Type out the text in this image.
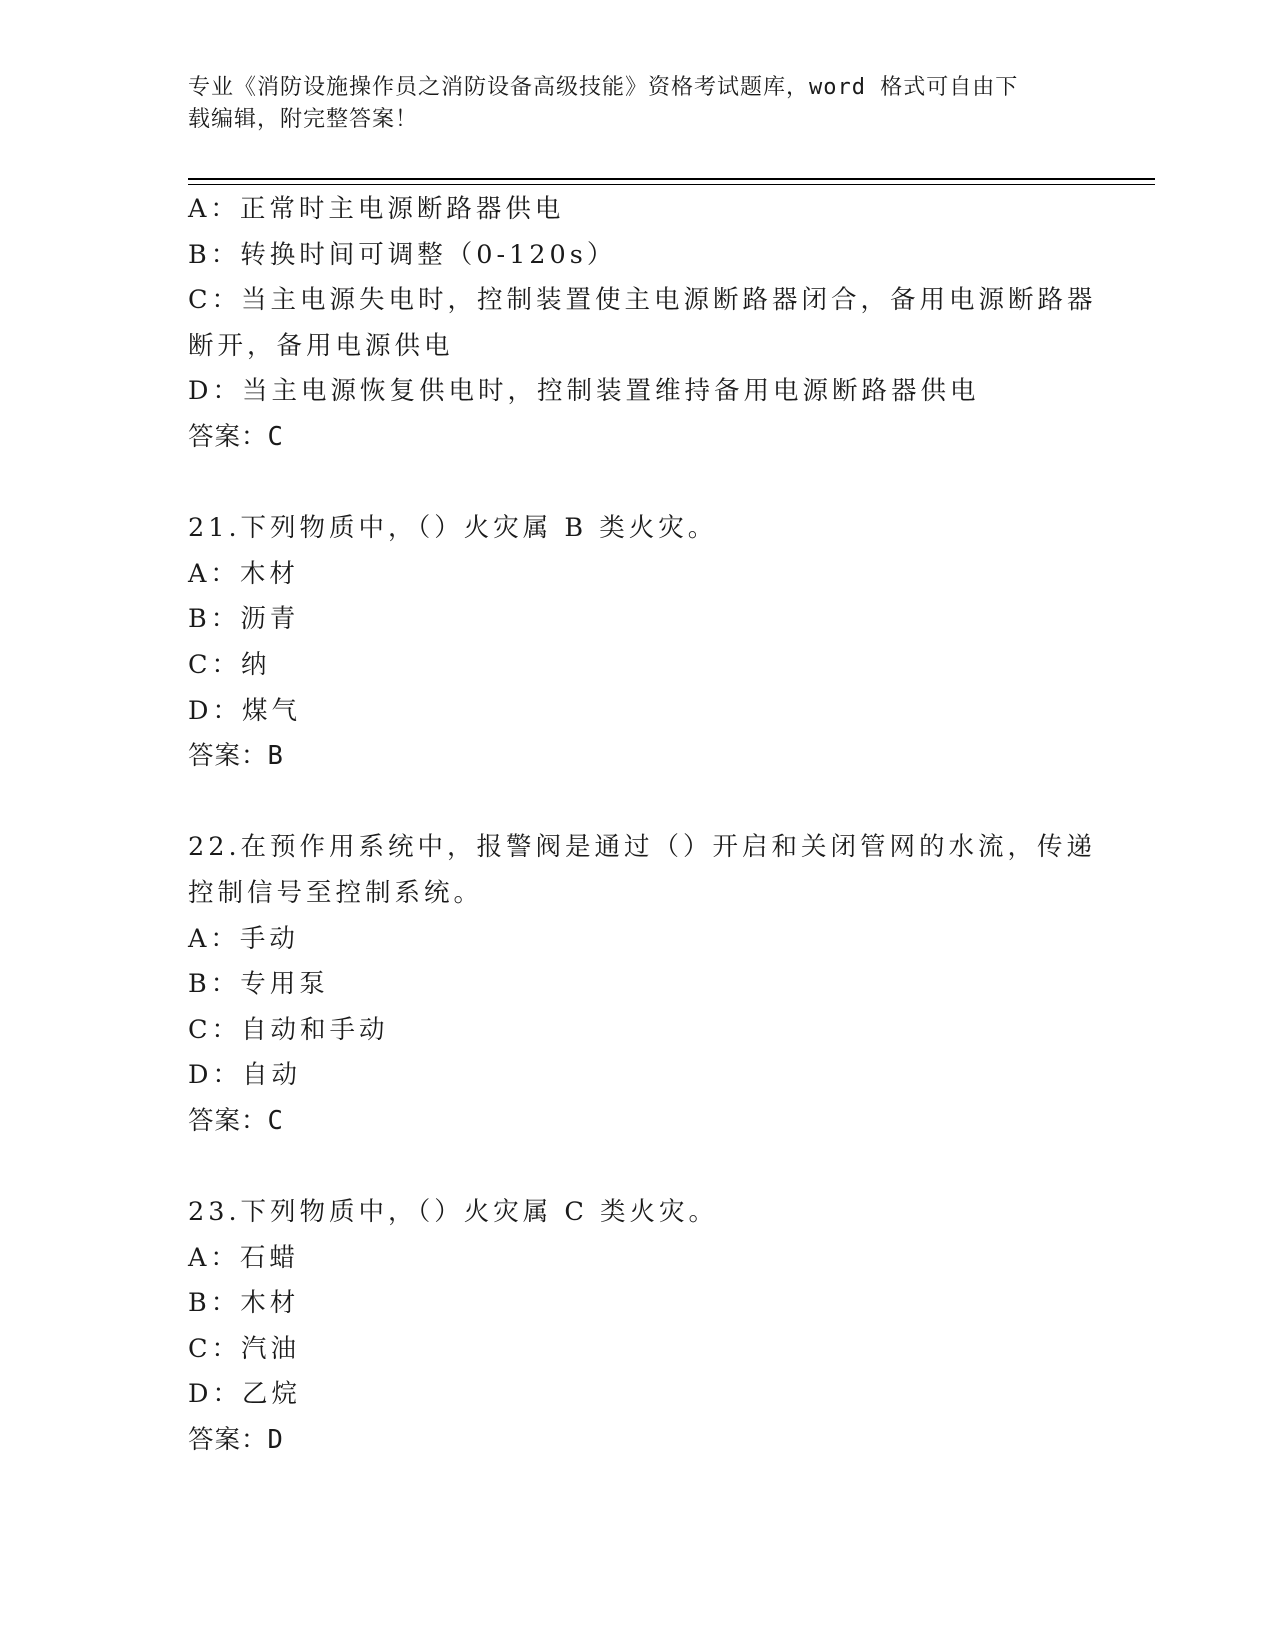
专业《消防设施操作员之消防设备高级技能》资格考试题库，word 格式可自由下
载编辑，附完整答案！
A：正常时主电源断路器供电
B：转换时间可调整（0-120s）
C：当主电源失电时，控制装置使主电源断路器闭合，备用电源断路器
断开，备用电源供电
D：当主电源恢复供电时，控制装置维持备用电源断路器供电
答案：C
21.下列物质中，（）火灾属 B 类火灾。
A：木材
B：沥青
C：纳
D：煤气
答案：B
22.在预作用系统中，报警阀是通过（）开启和关闭管网的水流，传递
控制信号至控制系统。
A：手动
B：专用泵
C：自动和手动
D：自动
答案：C
23.下列物质中，（）火灾属 C 类火灾。
A：石蜡
B：木材
C：汽油
D：乙烷
答案：D
